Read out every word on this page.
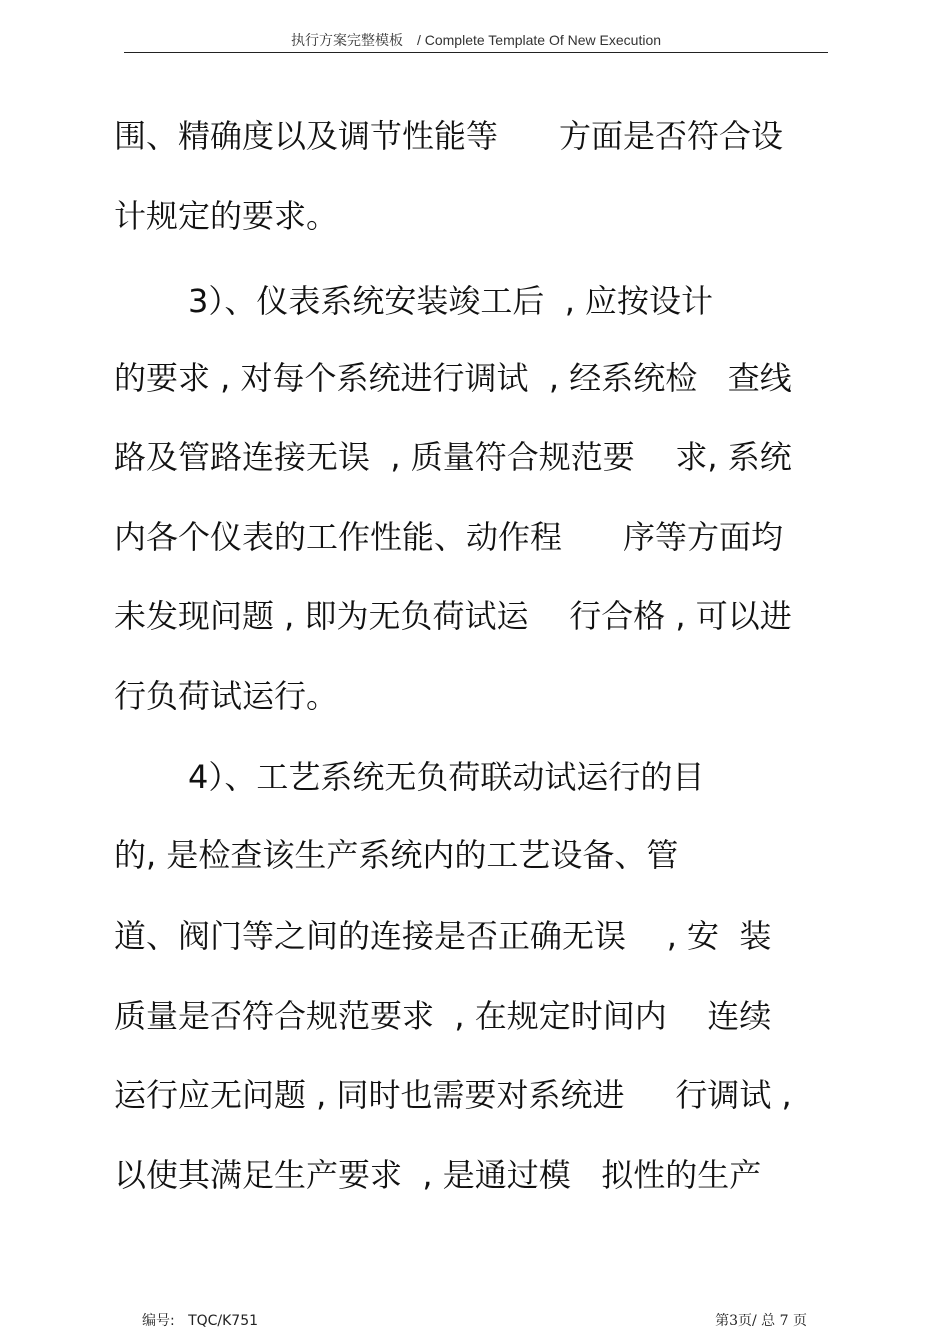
执行方案完整模板 / Complete Template Of New Execution
围、精确度以及调节性能等      方面是否符合设
计规定的要求。
3）、仪表系统安装竣工后  , 应按设计
的要求 , 对每个系统进行调试  , 经系统检   查线
路及管路连接无误  , 质量符合规范要    求, 系统
内各个仪表的工作性能、动作程      序等方面均
未发现问题 , 即为无负荷试运    行合格 , 可以进
行负荷试运行。
4）、工艺系统无负荷联动试运行的目
的, 是检查该生产系统内的工艺设备、管
道、阀门等之间的连接是否正确无误    , 安  装
质量是否符合规范要求  , 在规定时间内    连续
运行应无问题 , 同时也需要对系统进     行调试 ,
以使其满足生产要求  , 是通过模   拟性的生产
编号:   TQC/K751	第3页/ 总 7 页
